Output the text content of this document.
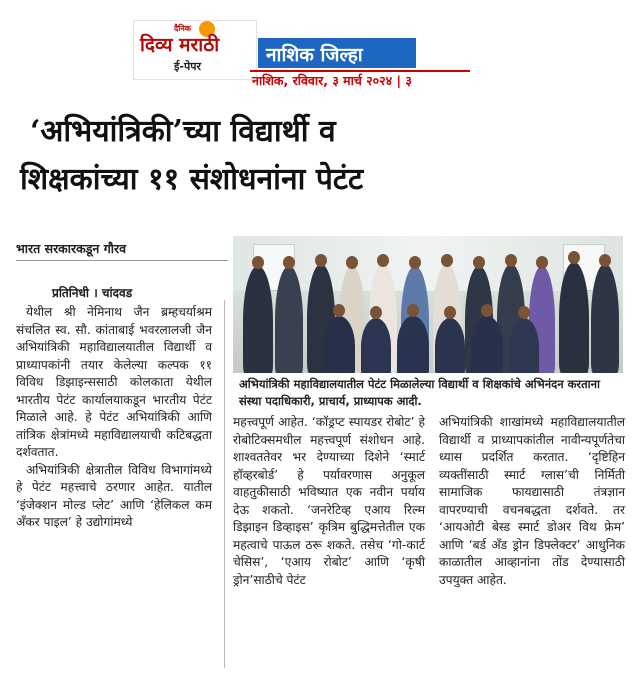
दैनिक
दिव्य मराठी
ई-पेपर
नाशिक जिल्हा
नाशिक, रविवार, ३ मार्च २०२४ | ३
‘अभियांत्रिकी’च्या विद्यार्थी व
शिक्षकांच्या ११ संशोधनांना पेटंट
भारत सरकारकडून गौरव
प्रतिनिधी । चांदवड
अभियांत्रिकी महाविद्यालयातील पेटंट मिळालेल्या विद्यार्थी व शिक्षकांचे अभिनंदन करताना संस्था पदाधिकारी, प्राचार्य, प्राध्यापक आदी.

येथील श्री नेमिनाथ जैन ब्रम्हचर्याश्रम संचलित स्व. सौ. कांताबाई भवरलालजी जैन अभियांत्रिकी महाविद्यालयातील विद्यार्थी व प्राध्यापकांनी तयार केलेल्या कल्पक ११ विविध डिझाइन्ससाठी कोलकाता येथील भारतीय पेटंट कार्यालयाकडून भारतीय पेटंट मिळाले आहे. हे पेटंट अभियांत्रिकी आणि तांत्रिक क्षेत्रांमध्ये महाविद्यालयाची कटिबद्धता दर्शवतात.

अभियांत्रिकी क्षेत्रातील विविध विभागांमध्ये हे पेटंट महत्त्वाचे ठरणार आहेत. यातील ‘इंजेक्शन मोल्ड प्लेट’ आणि ‘हेलिकल कम अँकर पाइल’ हे उद्योगांमध्ये

महत्त्वपूर्ण आहेत. ‘कॉड्रप्ट स्पायडर रोबोट’ हे रोबोटिक्समधील महत्त्वपूर्ण संशोधन आहे. शाश्वततेवर भर देण्याच्या दिशेने ‘स्मार्ट हॉव्हरबोर्ड’ हे पर्यावरणास अनुकूल वाहतुकीसाठी भविष्यात एक नवीन पर्याय देऊ शकतो. ‘जनरेटिव्ह एआय रिल्म डिझाइन डिव्हाइस’ कृत्रिम बुद्धिमत्तेतील एक महत्वाचे पाऊल ठरू शकते. तसेच ‘गो-कार्ट चेसिस’, ‘एआय रोबोट’ आणि ‘कृषी ड्रोन’साठीचे पेटंट

अभियांत्रिकी शाखांमध्ये महाविद्यालयातील विद्यार्थी व प्राध्यापकांतील नावीन्यपूर्णतेचा ध्यास प्रदर्शित करतात. ‘दृष्टिहिन व्यक्तींसाठी स्मार्ट ग्लास’ची निर्मिती सामाजिक फायद्यासाठी तंत्रज्ञान वापरण्याची वचनबद्धता दर्शवते. तर ‘आयओटी बेस्ड स्मार्ट डोअर विथ फ्रेम’ आणि ‘बर्ड अँड ड्रोन डिफ्लेक्टर’ आधुनिक काळातील आव्हानांना तोंड देण्यासाठी उपयुक्त आहेत.
